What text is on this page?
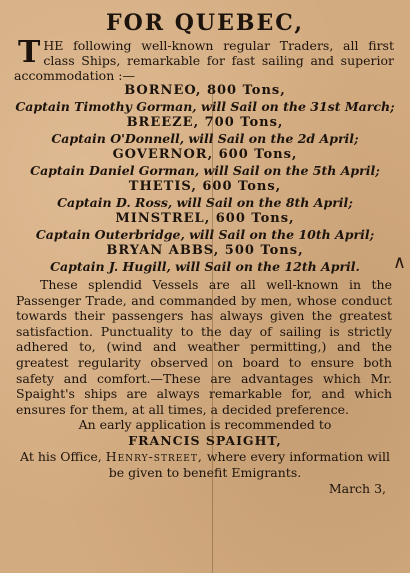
∧
FOR QUEBEC,
THE following well-known regular Traders, all first class Ships, remarkable for fast sailing and superior accommodation :—
BORNEO, 800 Tons,
Captain Timothy Gorman, will Sail on the 31st March;
BREEZE, 700 Tons,
Captain O'Donnell, will Sail on the 2d April;
GOVERNOR, 600 Tons,
Captain Daniel Gorman, will Sail on the 5th April;
THETIS, 600 Tons,
Captain D. Ross, will Sail on the 8th April;
MINSTREL, 600 Tons,
Captain Outerbridge, will Sail on the 10th April;
BRYAN ABBS, 500 Tons,
Captain J. Hugill, will Sail on the 12th April.
These splendid Vessels are all well-known in the Passenger Trade, and commanded by men, whose conduct towards their passengers has always given the greatest satisfaction. Punctuality to the day of sailing is strictly adhered to, (wind and weather permitting,) and the greatest regularity observed on board to ensure both safety and comfort.—These are advantages which Mr. Spaight's ships are always remarkable for, and which ensures for them, at all times, a decided preference.
An early application is recommended to
FRANCIS SPAIGHT,
At his Office, Henry-street, where every information will be given to benefit Emigrants.
March 3,
